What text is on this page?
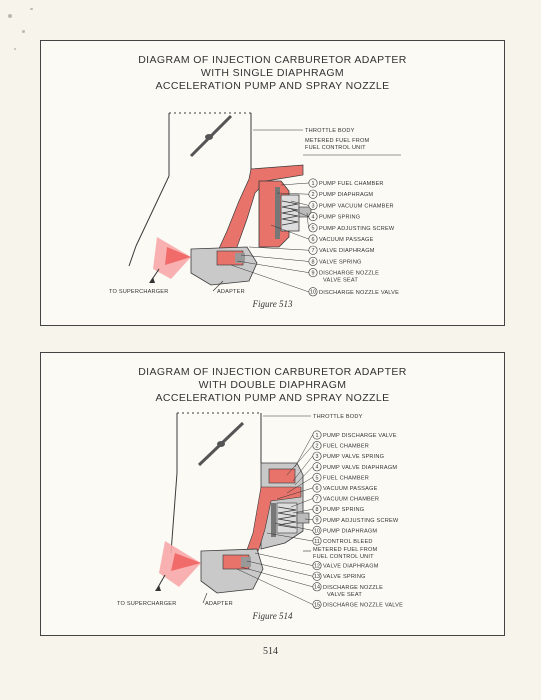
DIAGRAM OF INJECTION CARBURETOR ADAPTER
WITH SINGLE DIAPHRAGM
ACCELERATION PUMP AND SPRAY NOZZLE
THROTTLE BODY
METERED FUEL FROM
FUEL CONTROL UNIT
1 PUMP FUEL CHAMBER
2 PUMP DIAPHRAGM
3 PUMP VACUUM CHAMBER
4 PUMP SPRING
5 PUMP ADJUSTING SCREW
6 VACUUM PASSAGE
7 VALVE DIAPHRAGM
8 VALVE SPRING
9 DISCHARGE NOZZLE
VALVE SEAT
10 DISCHARGE NOZZLE VALVE
TO SUPERCHARGER	ADAPTER
Figure 513
DIAGRAM OF INJECTION CARBURETOR ADAPTER
WITH DOUBLE DIAPHRAGM
ACCELERATION PUMP AND SPRAY NOZZLE
THROTTLE BODY
METERED FUEL FROM
FUEL CONTROL UNIT
1 PUMP DISCHARGE VALVE
2 FUEL CHAMBER
3 PUMP VALVE SPRING
4 PUMP VALVE DIAPHRAGM
5 FUEL CHAMBER
6 VACUUM PASSAGE
7 VACUUM CHAMBER
8 PUMP SPRING
9 PUMP ADJUSTING SCREW
10 PUMP DIAPHRAGM
11 CONTROL BLEED
12 VALVE DIAPHRAGM
13 VALVE SPRING
14 DISCHARGE NOZZLE
VALVE SEAT
15 DISCHARGE NOZZLE VALVE
TO SUPERCHARGER	ADAPTER
Figure 514
514
